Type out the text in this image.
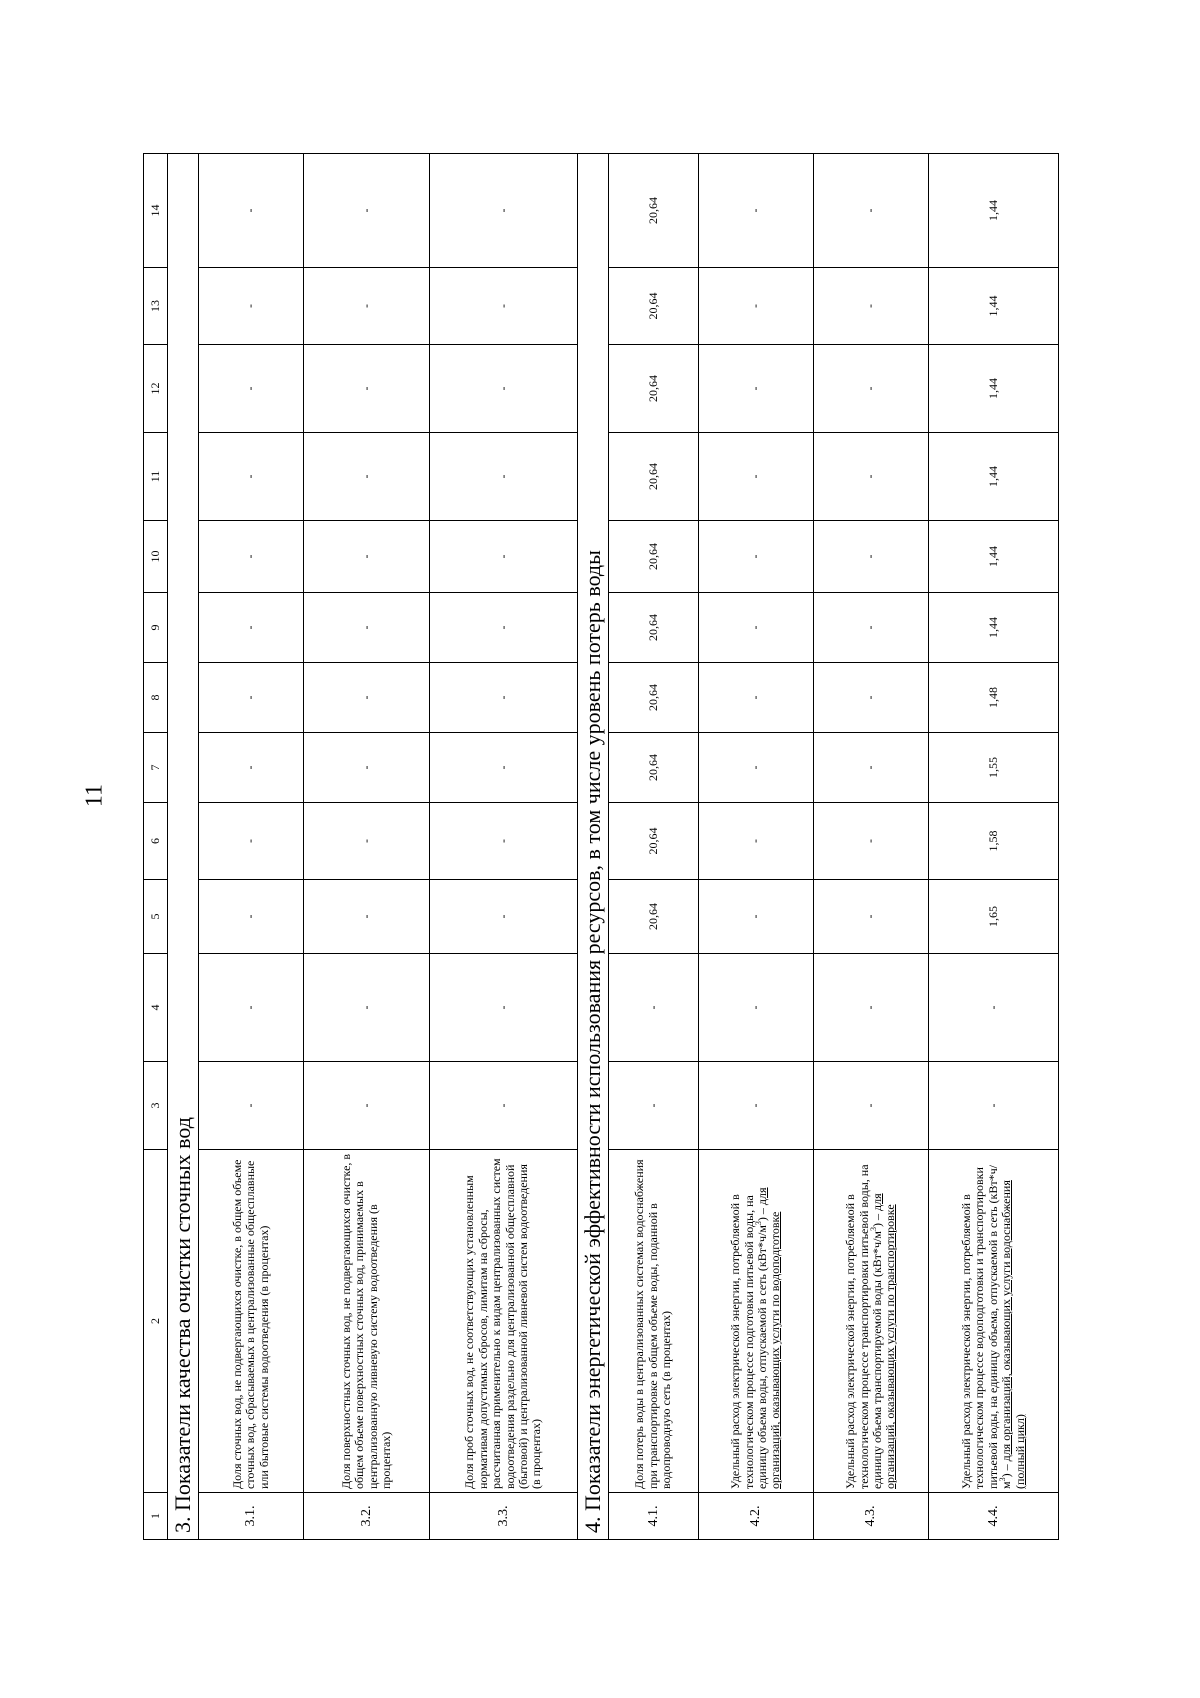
11
1	2	3	4	5	6	7	8	9	10	11	12	13	14
3. Показатели качества очистки сточных вод													
3.1.	Доля сточных вод, не подвергающихся очистке, в общем объеме сточных вод, сбрасываемых в централизованные общесплавные или бытовые системы водоотведения (в процентах)	-	-	-	-	-	-	-	-	-	-	-	-
3.2.	Доля поверхностных сточных вод, не подвергающихся очистке, в общем объеме поверхностных сточных вод, принимаемых в централизованную ливневую систему водоотведения (в процентах)	-	-	-	-	-	-	-	-	-	-	-	-
3.3.	Доля проб сточных вод, не соответствующих установленным нормативам допустимых сбросов, лимитам на сбросы, рассчитанная применительно к видам централизованных систем водоотведения раздельно для централизованной общесплавной (бытовой) и централизованной ливневой систем водоотведения (в процентах)	-	-	-	-	-	-	-	-	-	-	-	-
4. Показатели энергетической эффективности использования ресурсов, в том числе уровень потерь воды													
4.1.	Доля потерь воды в централизованных системах водоснабжения при транспортировке в общем объеме воды, поданной в водопроводную сеть (в процентах)	-	-	20,64	20,64	20,64	20,64	20,64	20,64	20,64	20,64	20,64	20,64
4.2.	Удельный расход электрической энергии, потребляемой в технологическом процессе подготовки питьевой воды, на единицу объема воды, отпускаемой в сеть $(кВт*ч/м^3)$ – для организаций, оказывающих услуги по водоподготовке	-	-	-	-	-	-	-	-	-	-	-	-
4.3.	Удельный расход электрической энергии, потребляемой в технологическом процессе транспортировки питьевой воды, на единицу объема транспортируемой воды $(кВт*ч/м^3)$ – для организаций, оказывающих услуги по транспортировке	-	-	-	-	-	-	-	-	-	-	-	-
4.4.	Удельный расход электрической энергии, потребляемой в технологическом процессе водоподготовки и транспортировки питьевой воды, на единицу объема, отпускаемой в сеть $(кВт*ч/м^3)$ – для организаций, оказывающих услуги водоснабжения (полный цикл)	-	-	1,65	1,58	1,55	1,48	1,44	1,44	1,44	1,44	1,44	1,44
